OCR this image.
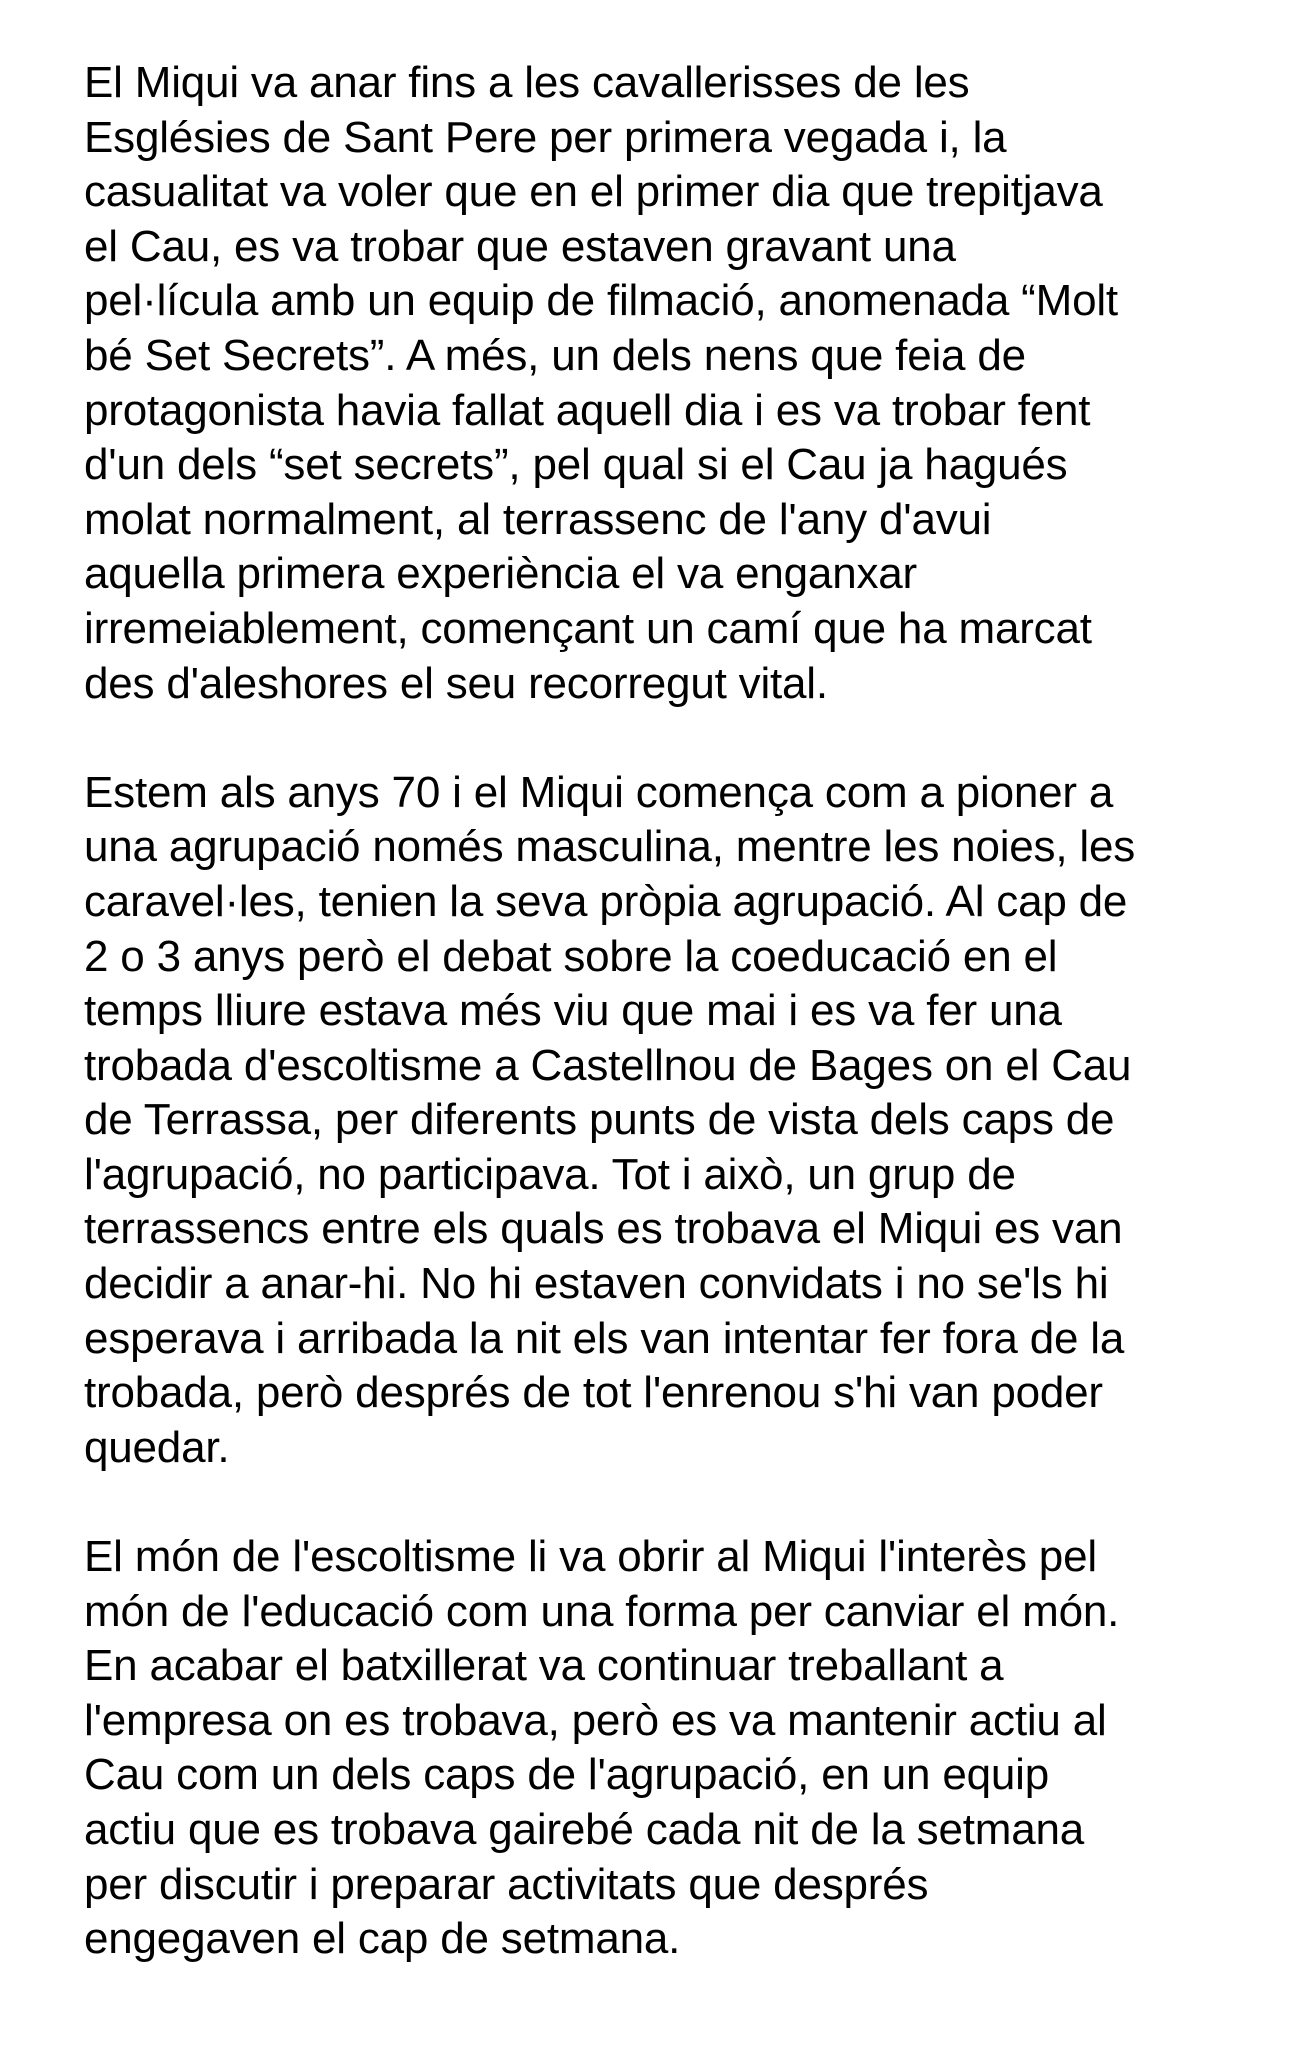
El Miqui va anar fins a les cavallerisses de les
Esglésies de Sant Pere per primera vegada i, la
casualitat va voler que en el primer dia que trepitjava
el Cau, es va trobar que estaven gravant una
pel·lícula amb un equip de filmació, anomenada “Molt
bé Set Secrets”. A més, un dels nens que feia de
protagonista havia fallat aquell dia i es va trobar fent
d'un dels “set secrets”, pel qual si el Cau ja hagués
molat normalment, al terrassenc de l'any d'avui
aquella primera experiència el va enganxar
irremeiablement, començant un camí que ha marcat
des d'aleshores el seu recorregut vital.
Estem als anys 70 i el Miqui comença com a pioner a
una agrupació només masculina, mentre les noies, les
caravel·les, tenien la seva pròpia agrupació. Al cap de
2 o 3 anys però el debat sobre la coeducació en el
temps lliure estava més viu que mai i es va fer una
trobada d'escoltisme a Castellnou de Bages on el Cau
de Terrassa, per diferents punts de vista dels caps de
l'agrupació, no participava. Tot i això, un grup de
terrassencs entre els quals es trobava el Miqui es van
decidir a anar-hi. No hi estaven convidats i no se'ls hi
esperava i arribada la nit els van intentar fer fora de la
trobada, però després de tot l'enrenou s'hi van poder
quedar.
El món de l'escoltisme li va obrir al Miqui l'interès pel
món de l'educació com una forma per canviar el món.
En acabar el batxillerat va continuar treballant a
l'empresa on es trobava, però es va mantenir actiu al
Cau com un dels caps de l'agrupació, en un equip
actiu que es trobava gairebé cada nit de la setmana
per discutir i preparar activitats que després
engegaven el cap de setmana.
